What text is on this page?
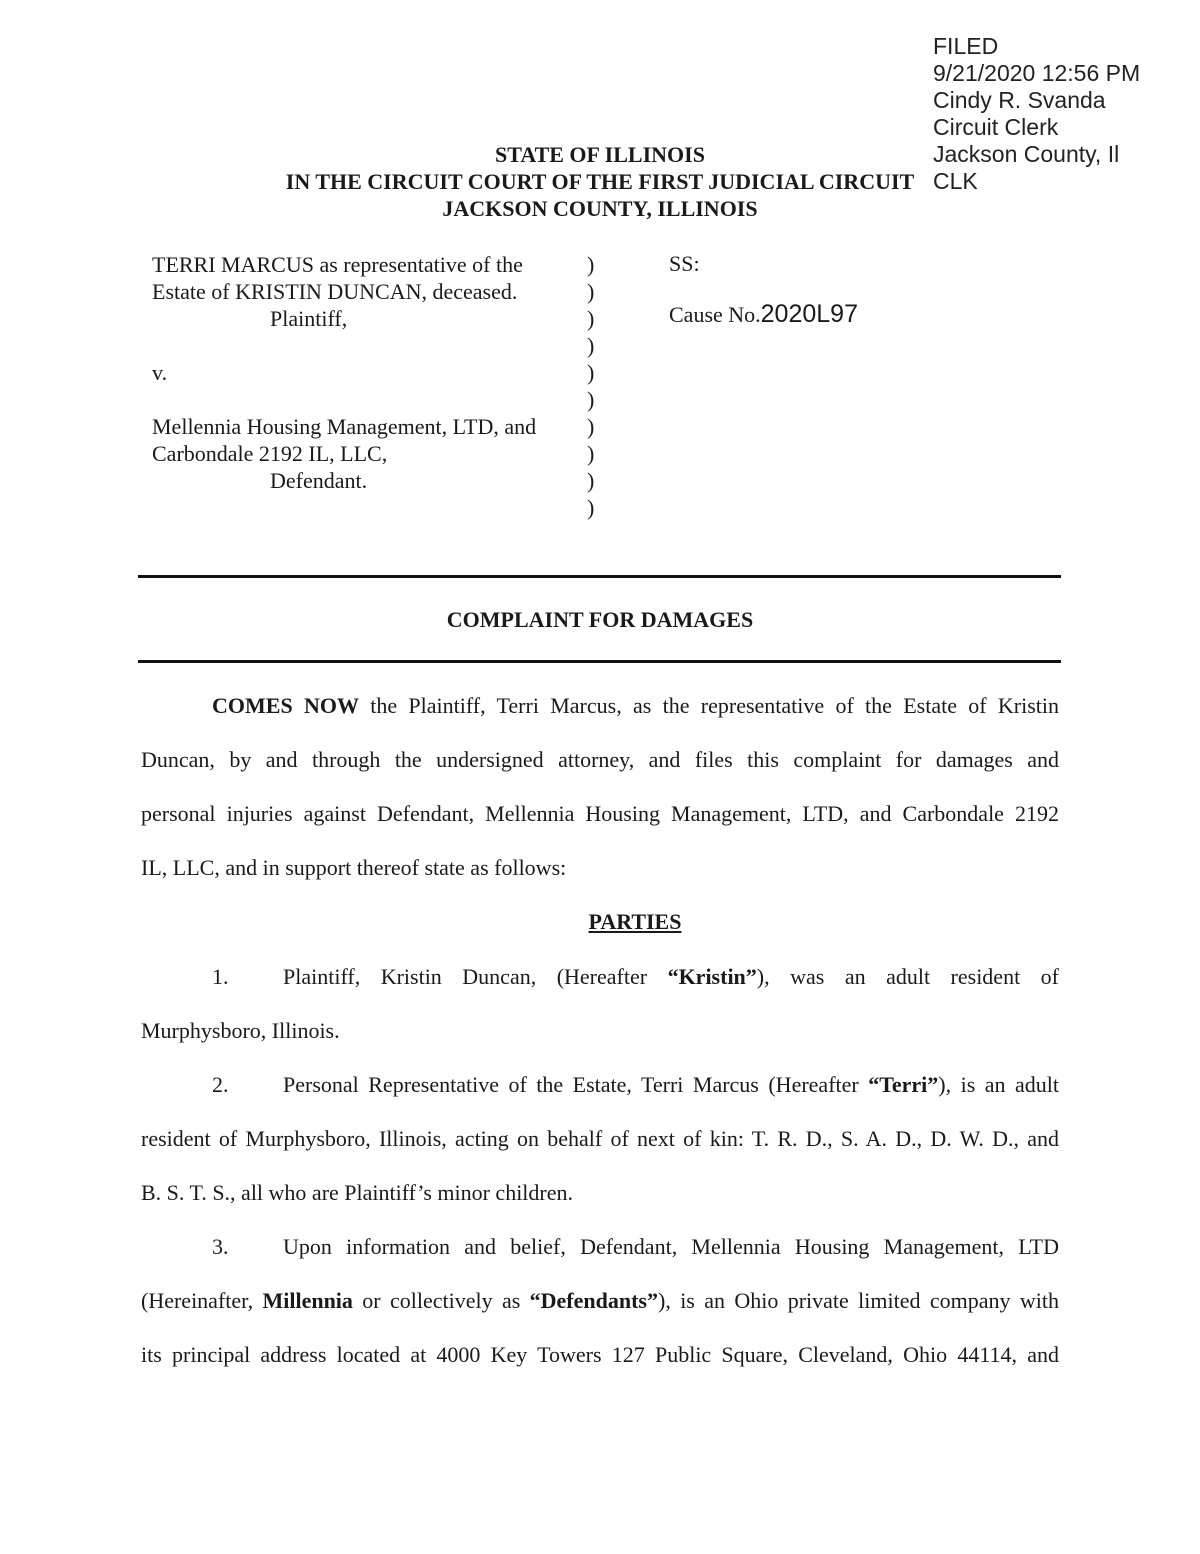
FILED
9/21/2020 12:56 PM
Cindy R. Svanda
Circuit Clerk
Jackson County, Il
CLK
STATE OF ILLINOIS
IN THE CIRCUIT COURT OF THE FIRST JUDICIAL CIRCUIT
JACKSON COUNTY, ILLINOIS
TERRI MARCUS as representative of the
Estate of KRISTIN DUNCAN, deceased.
Plaintiff,

v.

Mellennia Housing Management, LTD, and
Carbondale 2192 IL, LLC,
Defendant.
)
)
)
)
)
)
)
)
)
)
SS:
Cause No.2020L97
COMPLAINT FOR DAMAGES
COMES NOW the Plaintiff, Terri Marcus, as the representative of the Estate of Kristin
Duncan, by and through the undersigned attorney, and files this complaint for damages and
personal injuries against Defendant, Mellennia Housing Management, LTD, and Carbondale 2192
IL, LLC, and in support thereof state as follows:
PARTIES
1.	Plaintiff, Kristin Duncan, (Hereafter “Kristin”), was an adult resident of
Murphysboro, Illinois.
2.	Personal Representative of the Estate, Terri Marcus (Hereafter “Terri”), is an adult
resident of Murphysboro, Illinois, acting on behalf of next of kin: T. R. D., S. A. D., D. W. D., and
B. S. T. S., all who are Plaintiff’s minor children.
3.	Upon information and belief, Defendant, Mellennia Housing Management, LTD
(Hereinafter, Millennia or collectively as “Defendants”), is an Ohio private limited company with
its principal address located at 4000 Key Towers 127 Public Square, Cleveland, Ohio 44114, and
